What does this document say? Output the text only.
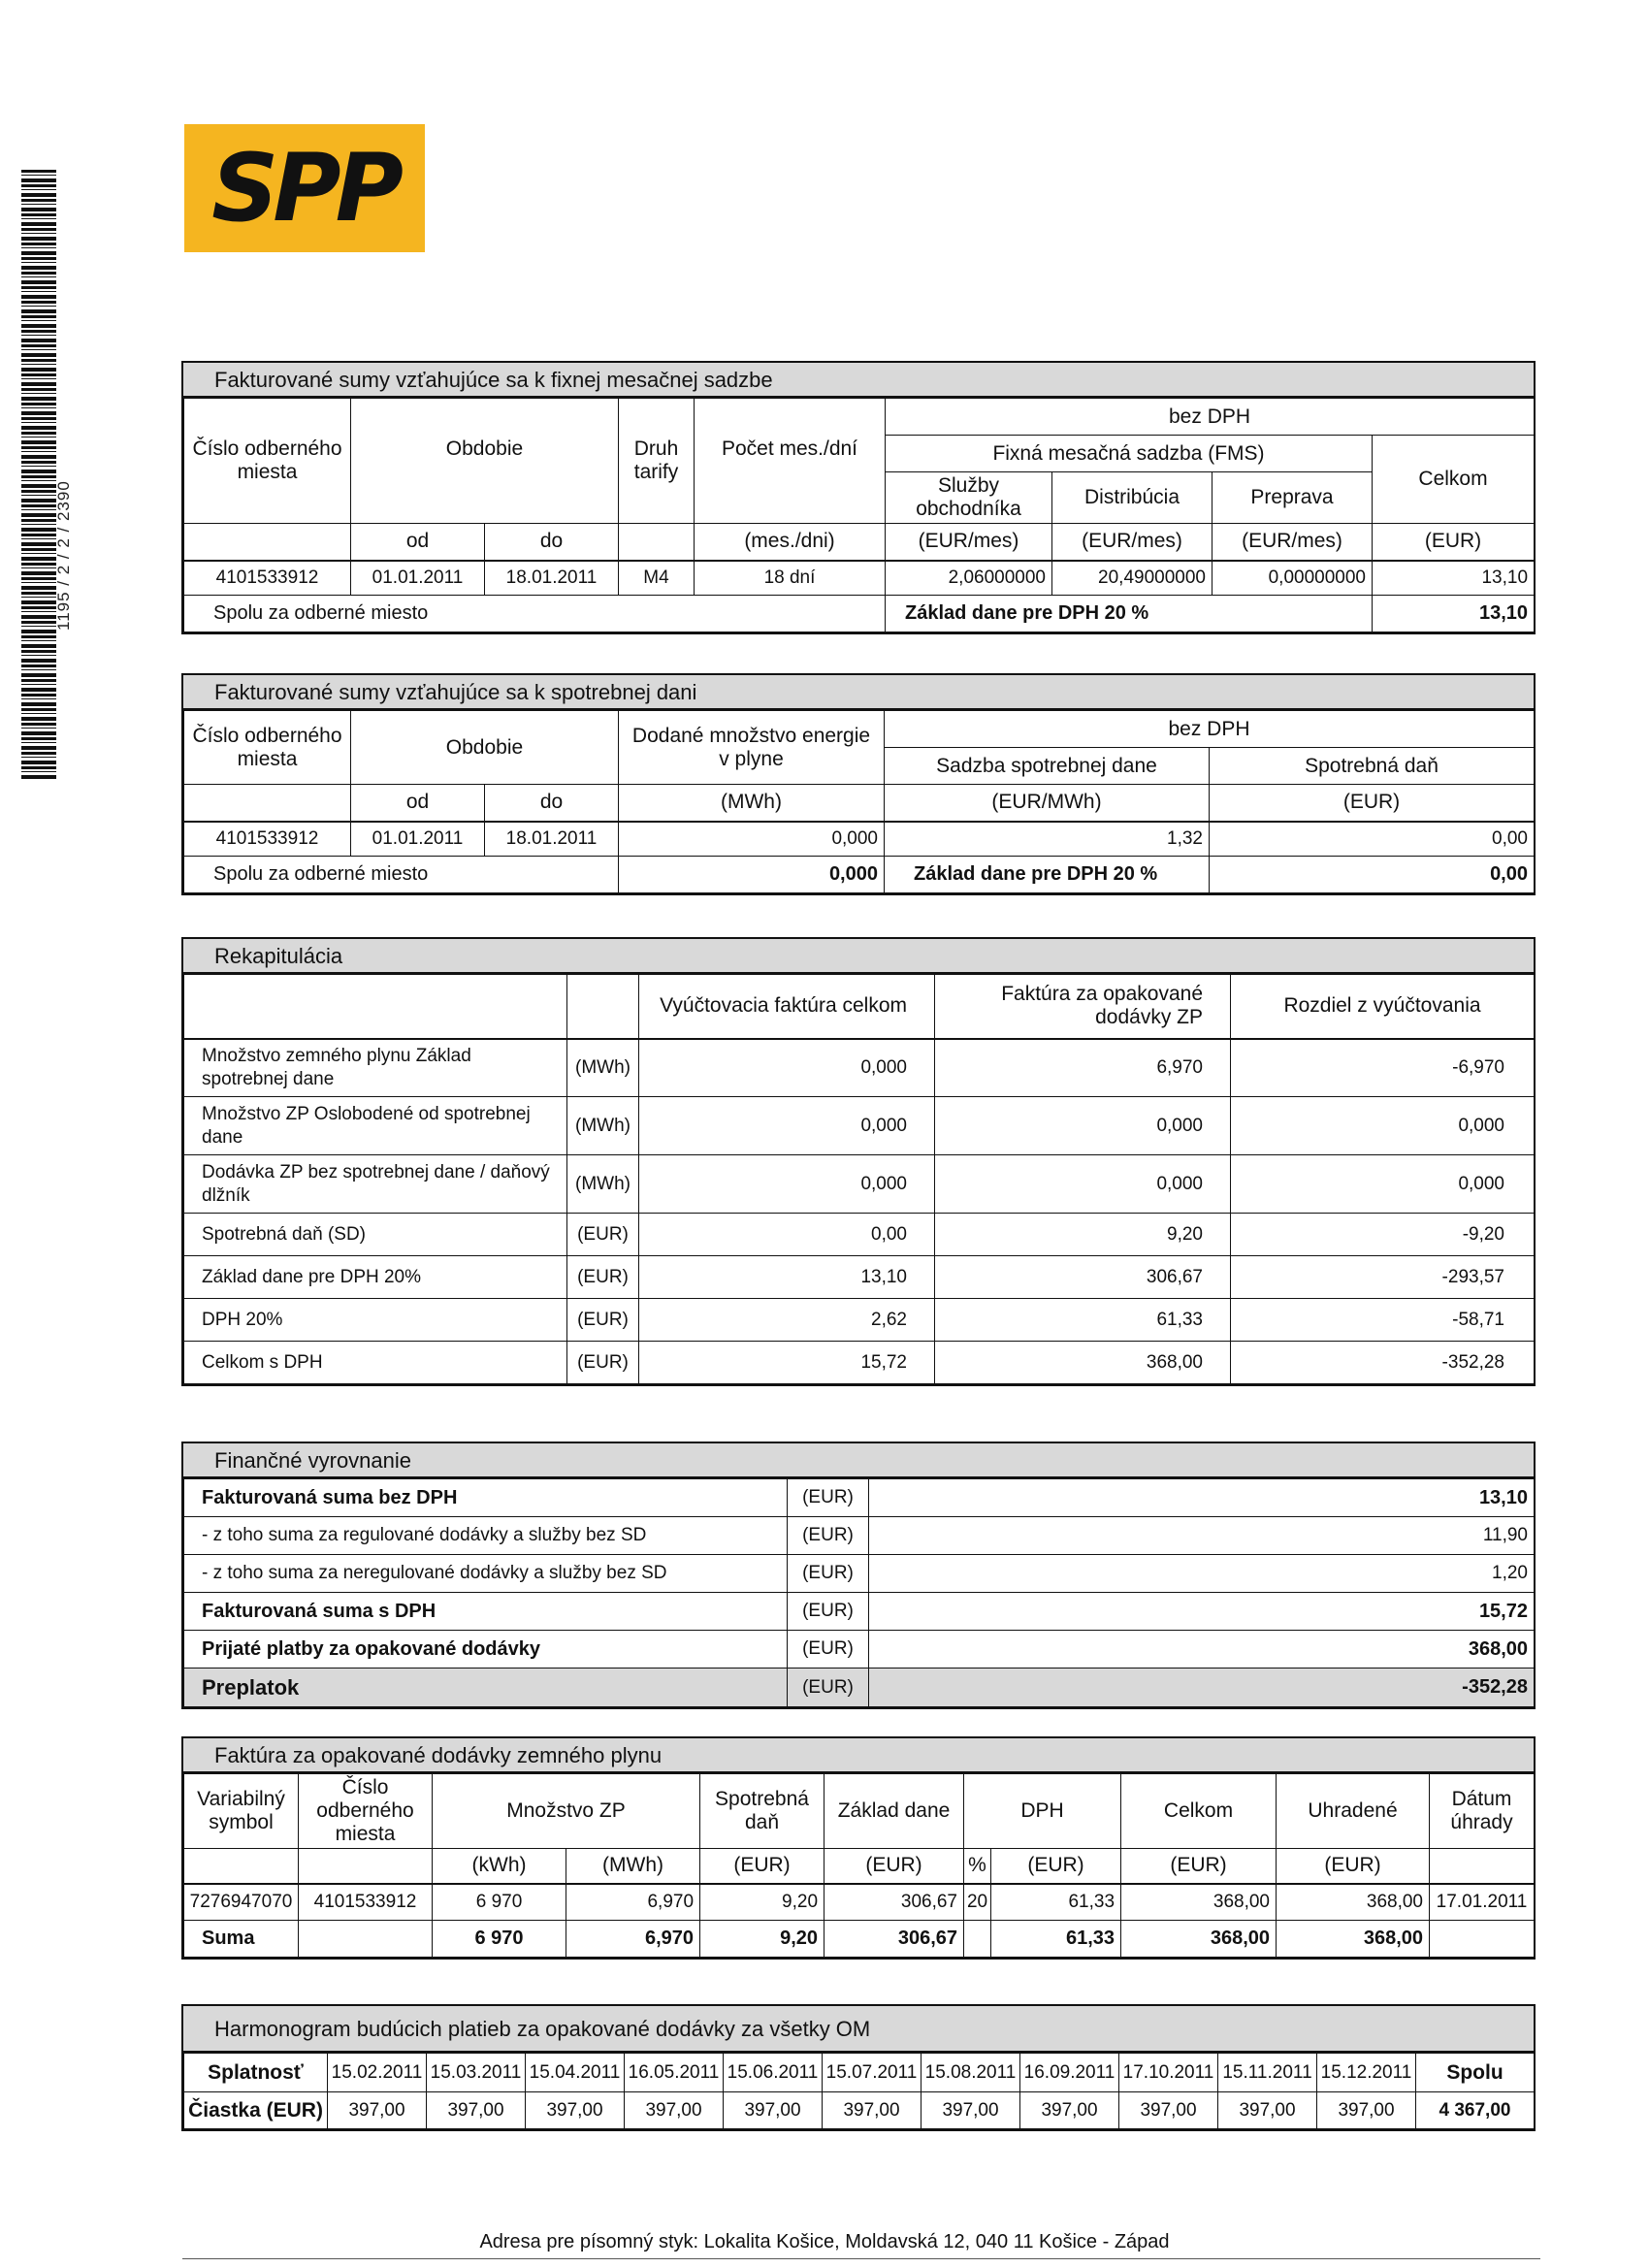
1195 / 2 / 2 / 2390
SPP
Fakturované sumy vzťahujúce sa k fixnej mesačnej sadzbe
Číslo odberného miesta	Obdobie		Druh tarify	Počet mes./dní	bez DPH			
					Fixná mesačná sadzba (FMS)			Celkom
					Služby obchodníka	Distribúcia	Preprava	
	od	do		(mes./dni)	(EUR/mes)	(EUR/mes)	(EUR/mes)	(EUR)
4101533912	01.01.2011	18.01.2011	M4	18 dní	2,06000000	20,49000000	0,00000000	13,10
Spolu za odberné miesto					Základ dane pre DPH 20 %			13,10
Fakturované sumy vzťahujúce sa k spotrebnej dani
Číslo odberného miesta	Obdobie		Dodané množstvo energie v plyne	bez DPH	
				Sadzba spotrebnej dane	Spotrebná daň
	od	do	(MWh)	(EUR/MWh)	(EUR)
4101533912	01.01.2011	18.01.2011	0,000	1,32	0,00
Spolu za odberné miesto			0,000	Základ dane pre DPH 20 %	0,00
Rekapitulácia
		Vyúčtovacia faktúra celkom	Faktúra za opakované dodávky ZP	Rozdiel z vyúčtovania
Množstvo zemného plynu Základ spotrebnej dane	(MWh)	0,000	6,970	-6,970
Množstvo ZP Oslobodené od spotrebnej dane	(MWh)	0,000	0,000	0,000
Dodávka ZP bez spotrebnej dane / daňový dlžník	(MWh)	0,000	0,000	0,000
Spotrebná daň (SD)	(EUR)	0,00	9,20	-9,20
Základ dane pre DPH 20%	(EUR)	13,10	306,67	-293,57
DPH 20%	(EUR)	2,62	61,33	-58,71
Celkom s DPH	(EUR)	15,72	368,00	-352,28
Finančné vyrovnanie
Fakturovaná suma bez DPH	(EUR)	13,10
- z toho suma za regulované dodávky a služby bez SD	(EUR)	11,90
- z toho suma za neregulované dodávky a služby bez SD	(EUR)	1,20
Fakturovaná suma s DPH	(EUR)	15,72
Prijaté platby za opakované dodávky	(EUR)	368,00
Preplatok	(EUR)	-352,28
Faktúra za opakované dodávky zemného plynu
Variabilný symbol	Číslo odberného miesta	Množstvo ZP		Spotrebná daň	Základ dane	DPH		Celkom	Uhradené	Dátum úhrady
		(kWh)	(MWh)	(EUR)	(EUR)	%	(EUR)	(EUR)	(EUR)	
7276947070	4101533912	6 970	6,970	9,20	306,67	20	61,33	368,00	368,00	17.01.2011
Suma		6 970	6,970	9,20	306,67		61,33	368,00	368,00	
Harmonogram budúcich platieb za opakované dodávky za všetky OM
Splatnosť	15.02.2011	15.03.2011	15.04.2011	16.05.2011	15.06.2011	15.07.2011	15.08.2011	16.09.2011	17.10.2011	15.11.2011	15.12.2011	Spolu
Čiastka (EUR)	397,00	397,00	397,00	397,00	397,00	397,00	397,00	397,00	397,00	397,00	397,00	4 367,00
Adresa pre písomný styk: Lokalita Košice, Moldavská 12, 040 11 Košice - Západ
